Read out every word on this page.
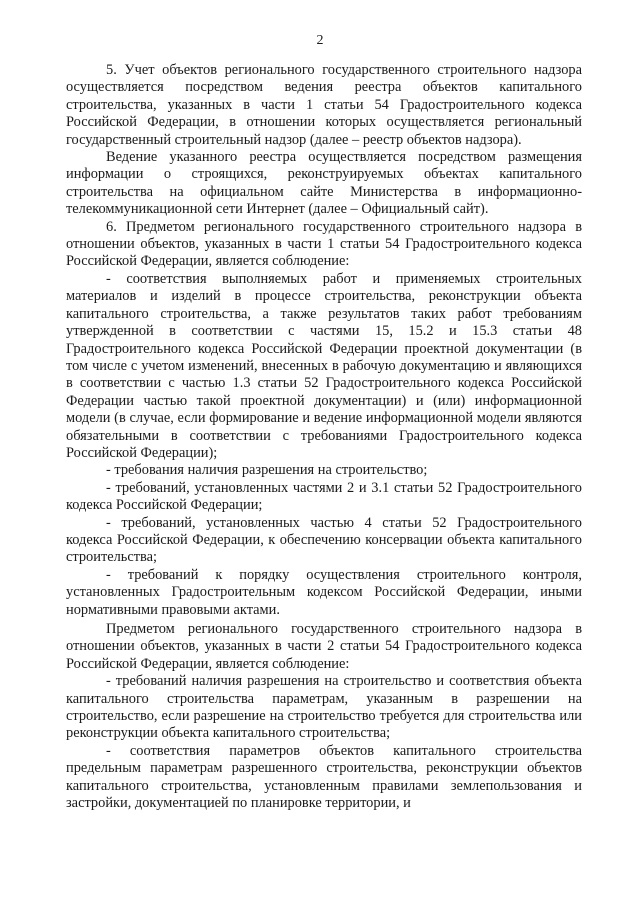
2

5. Учет объектов регионального государственного строительного надзора осуществляется посредством ведения реестра объектов капитального строительства, указанных в части 1 статьи 54 Градостроительного кодекса Российской Федерации, в отношении которых осуществляется региональный государственный строительный надзор (далее – реестр объектов надзора).

Ведение указанного реестра осуществляется посредством размещения информации о строящихся, реконструируемых объектах капитального строительства на официальном сайте Министерства в информационно-телекоммуникационной сети Интернет (далее – Официальный сайт).

6. Предметом регионального государственного строительного надзора в отношении объектов, указанных в части 1 статьи 54 Градостроительного кодекса Российской Федерации, является соблюдение:

- соответствия выполняемых работ и применяемых строительных материалов и изделий в процессе строительства, реконструкции объекта капитального строительства, а также результатов таких работ требованиям утвержденной в соответствии с частями 15, 15.2 и 15.3 статьи 48 Градостроительного кодекса Российской Федерации проектной документации (в том числе с учетом изменений, внесенных в рабочую документацию и являющихся в соответствии с частью 1.3 статьи 52 Градостроительного кодекса Российской Федерации частью такой проектной документации) и (или) информационной модели (в случае, если формирование и ведение информационной модели являются обязательными в соответствии с требованиями Градостроительного кодекса Российской Федерации);

- требования наличия разрешения на строительство;

- требований, установленных частями 2 и 3.1 статьи 52 Градостроительного кодекса Российской Федерации;

- требований, установленных частью 4 статьи 52 Градостроительного кодекса Российской Федерации, к обеспечению консервации объекта капитального строительства;

- требований к порядку осуществления строительного контроля, установленных Градостроительным кодексом Российской Федерации, иными нормативными правовыми актами.

Предметом регионального государственного строительного надзора в отношении объектов, указанных в части 2 статьи 54 Градостроительного кодекса Российской Федерации, является соблюдение:

- требований наличия разрешения на строительство и соответствия объекта капитального строительства параметрам, указанным в разрешении на строительство, если разрешение на строительство требуется для строительства или реконструкции объекта капитального строительства;

- соответствия параметров объектов капитального строительства предельным параметрам разрешенного строительства, реконструкции объектов капитального строительства, установленным правилами землепользования и застройки, документацией по планировке территории, и
